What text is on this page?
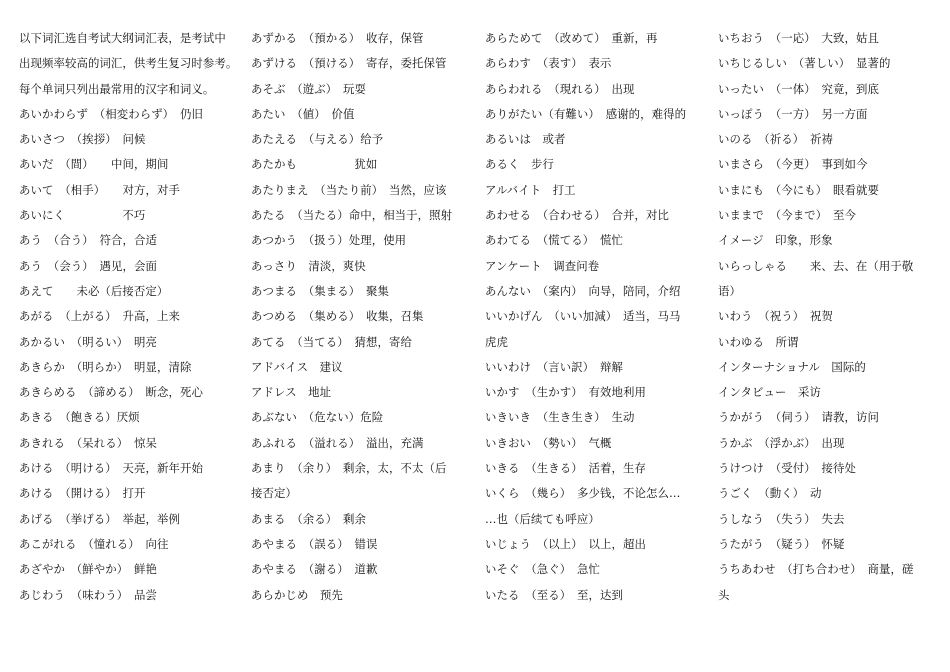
以下词汇选自考试大纲词汇表，是考试中
出现频率较高的词汇，供考生复习时参考。
每个单词只列出最常用的汉字和词义。
あいかわらず　（相変わらず）　仍旧
あいさつ　（挨拶）　问候
あいだ　（間）　　中间，期间
あいて　（相手）　　对方，对手
あいにく　　　　　不巧
あう　（合う）　符合，合适
あう　（会う）　遇见，会面
あえて　　未必（后接否定）
あがる　（上がる）　升高，上来
あかるい　（明るい）　明亮
あきらか　（明らか）　明显，清除
あきらめる　（諦める）　断念，死心
あきる　（飽きる）厌烦
あきれる　（呆れる）　惊呆
あける　（明ける）　天亮，新年开始
あける　（開ける）　打开
あげる　（挙げる）　举起，举例
あこがれる　（憧れる）　向往
あざやか　（鮮やか）　鲜艳
あじわう　（味わう）　品尝
あずかる　（預かる）　收存，保管
あずける　（預ける）　寄存，委托保管
あそぶ　（遊ぶ）　玩耍
あたい　（値）　价值
あたえる　（与える）给予
あたかも　　　　　犹如
あたりまえ　（当たり前）　当然，应该
あたる　（当たる）命中，相当于，照射
あつかう　（扱う）处理，使用
あっさり　清淡，爽快
あつまる　（集まる）　聚集
あつめる　（集める）　收集，召集
あてる　（当てる）　猜想，寄给
アドバイス　建议
アドレス　地址
あぶない　（危ない）危险
あふれる　（溢れる）　溢出，充满
あまり　（余り）　剩余，太，不太（后
接否定）
あまる　（余る）　剩余
あやまる　（誤る）　错误
あやまる　（謝る）　道歉
あらかじめ　预先
あらためて　（改めて）　重新，再
あらわす　（表す）　表示
あらわれる　（現れる）　出现
ありがたい（有難い）　感谢的，难得的
あるいは　或者
あるく　步行
アルバイト　打工
あわせる　（合わせる）　合并，对比
あわてる　（慌てる）　慌忙
アンケート　调查问卷
あんない　（案内）　向导，陪同，介绍
いいかげん　（いい加減）　适当，马马
虎虎
いいわけ　（言い訳）　辩解
いかす　（生かす）　有效地利用
いきいき　（生き生き）　生动
いきおい　（勢い）　气概
いきる　（生きる）　活着，生存
いくら　（幾ら）　多少钱，不论怎么…
…也（后续ても呼应）
いじょう　（以上）　以上，超出
いそぐ　（急ぐ）　急忙
いたる　（至る）　至，达到
いちおう　（一応）　大致，姑且
いちじるしい　（著しい）　显著的
いったい　（一体）　究竟，到底
いっぽう　（一方）　另一方面
いのる　（祈る）　祈祷
いまさら　（今更）　事到如今
いまにも　（今にも）　眼看就要
いままで　（今まで）　至今
イメージ　印象，形象
いらっしゃる　　来、去、在（用于敬
语）
いわう　（祝う）　祝贺
いわゆる　所谓
インターナショナル　国际的
インタビュー　采访
うかがう　（伺う）　请教，访问
うかぶ　（浮かぶ）　出现
うけつけ　（受付）　接待处
うごく　（動く）　动
うしなう　（失う）　失去
うたがう　（疑う）　怀疑
うちあわせ　（打ち合わせ）　商量，磋
头
